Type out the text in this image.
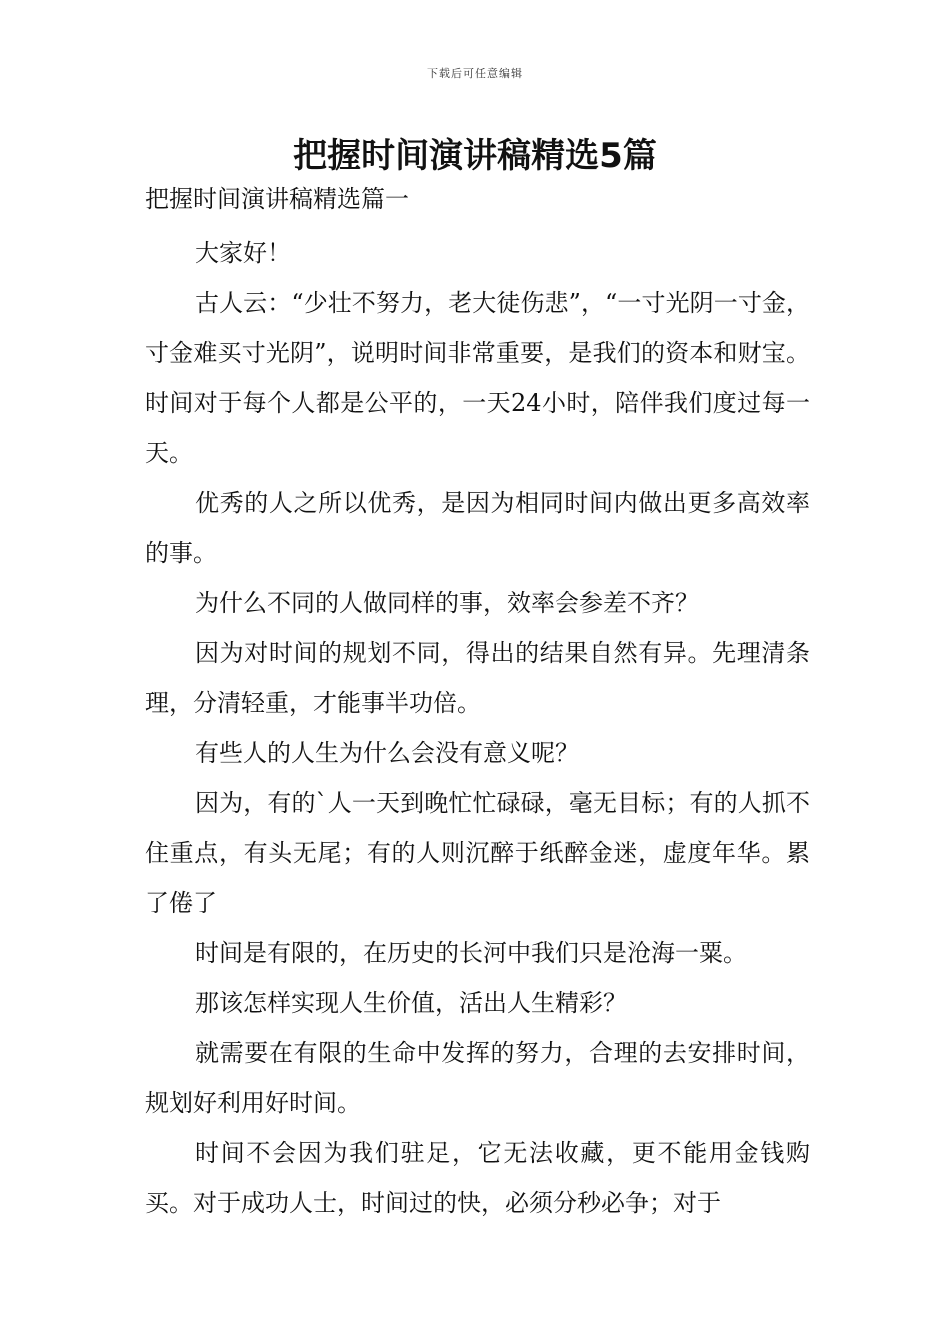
下载后可任意编辑
把握时间演讲稿精选5篇

把握时间演讲稿精选篇一

大家好！

古人云：“少壮不努力，老大徒伤悲”，“一寸光阴一寸金，寸金难买寸光阴”，说明时间非常重要，是我们的资本和财宝。时间对于每个人都是公平的，一天24小时，陪伴我们度过每一天。

优秀的人之所以优秀，是因为相同时间内做出更多高效率的事。

为什么不同的人做同样的事，效率会参差不齐？

因为对时间的规划不同，得出的结果自然有异。先理清条理，分清轻重，才能事半功倍。

有些人的人生为什么会没有意义呢？

因为，有的`人一天到晚忙忙碌碌，毫无目标；有的人抓不住重点，有头无尾；有的人则沉醉于纸醉金迷，虚度年华。累了倦了

时间是有限的，在历史的长河中我们只是沧海一粟。

那该怎样实现人生价值，活出人生精彩？

就需要在有限的生命中发挥的努力，合理的去安排时间，规划好利用好时间。

时间不会因为我们驻足，它无法收藏，更不能用金钱购买。对于成功人士，时间过的快，必须分秒必争；对于
